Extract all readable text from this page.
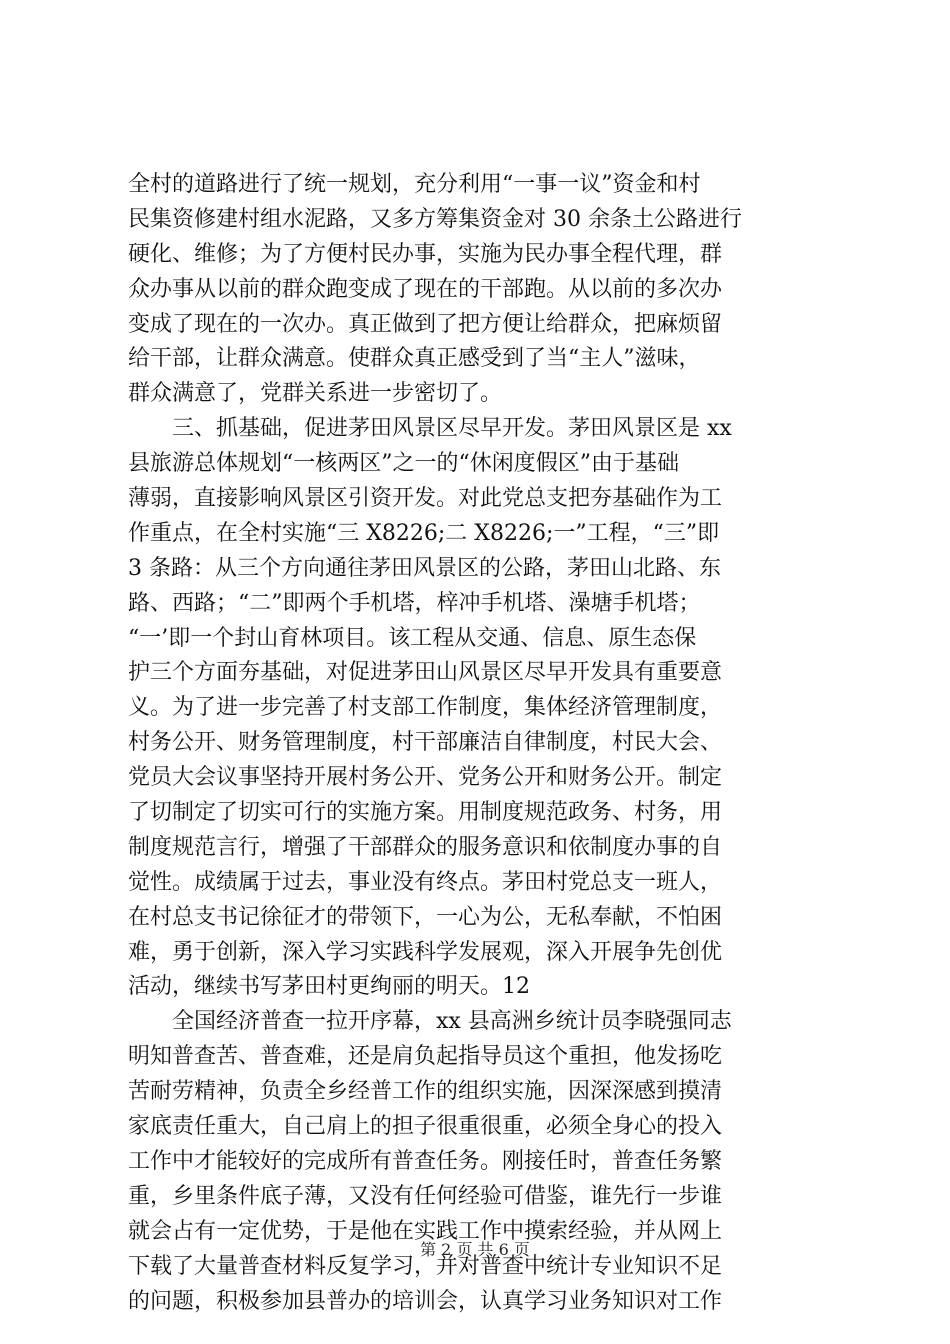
全村的道路进行了统一规划，充分利用“一事一议”资金和村
民集资修建村组水泥路，又多方筹集资金对 30 余条土公路进行
硬化、维修；为了方便村民办事，实施为民办事全程代理，群
众办事从以前的群众跑变成了现在的干部跑。从以前的多次办
变成了现在的一次办。真正做到了把方便让给群众，把麻烦留
给干部，让群众满意。使群众真正感受到了当“主人”滋味，
群众满意了，党群关系进一步密切了。
　　三、抓基础，促进茅田风景区尽早开发。茅田风景区是 xx
县旅游总体规划“一核两区”之一的“休闲度假区”由于基础
薄弱，直接影响风景区引资开发。对此党总支把夯基础作为工
作重点，在全村实施“三 X8226;二 X8226;一”工程，“三”即
3 条路：从三个方向通往茅田风景区的公路，茅田山北路、东
路、西路；“二”即两个手机塔，梓冲手机塔、澡塘手机塔；
“一’即一个封山育林项目。该工程从交通、信息、原生态保
护三个方面夯基础，对促进茅田山风景区尽早开发具有重要意
义。为了进一步完善了村支部工作制度，集体经济管理制度，
村务公开、财务管理制度，村干部廉洁自律制度，村民大会、
党员大会议事坚持开展村务公开、党务公开和财务公开。制定
了切制定了切实可行的实施方案。用制度规范政务、村务，用
制度规范言行，增强了干部群众的服务意识和依制度办事的自
觉性。成绩属于过去，事业没有终点。茅田村党总支一班人，
在村总支书记徐征才的带领下，一心为公，无私奉献，不怕困
难，勇于创新，深入学习实践科学发展观，深入开展争先创优
活动，继续书写茅田村更绚丽的明天。12
　　全国经济普查一拉开序幕，xx 县高洲乡统计员李晓强同志
明知普查苦、普查难，还是肩负起指导员这个重担，他发扬吃
苦耐劳精神，负责全乡经普工作的组织实施，因深深感到摸清
家底责任重大，自己肩上的担子很重很重，必须全身心的投入
工作中才能较好的完成所有普查任务。刚接任时，普查任务繁
重，乡里条件底子薄，又没有任何经验可借鉴，谁先行一步谁
就会占有一定优势，于是他在实践工作中摸索经验，并从网上
下载了大量普查材料反复学习，并对普查中统计专业知识不足
的问题，积极参加县普办的培训会，认真学习业务知识对工作
第 2 页 共 6 页
